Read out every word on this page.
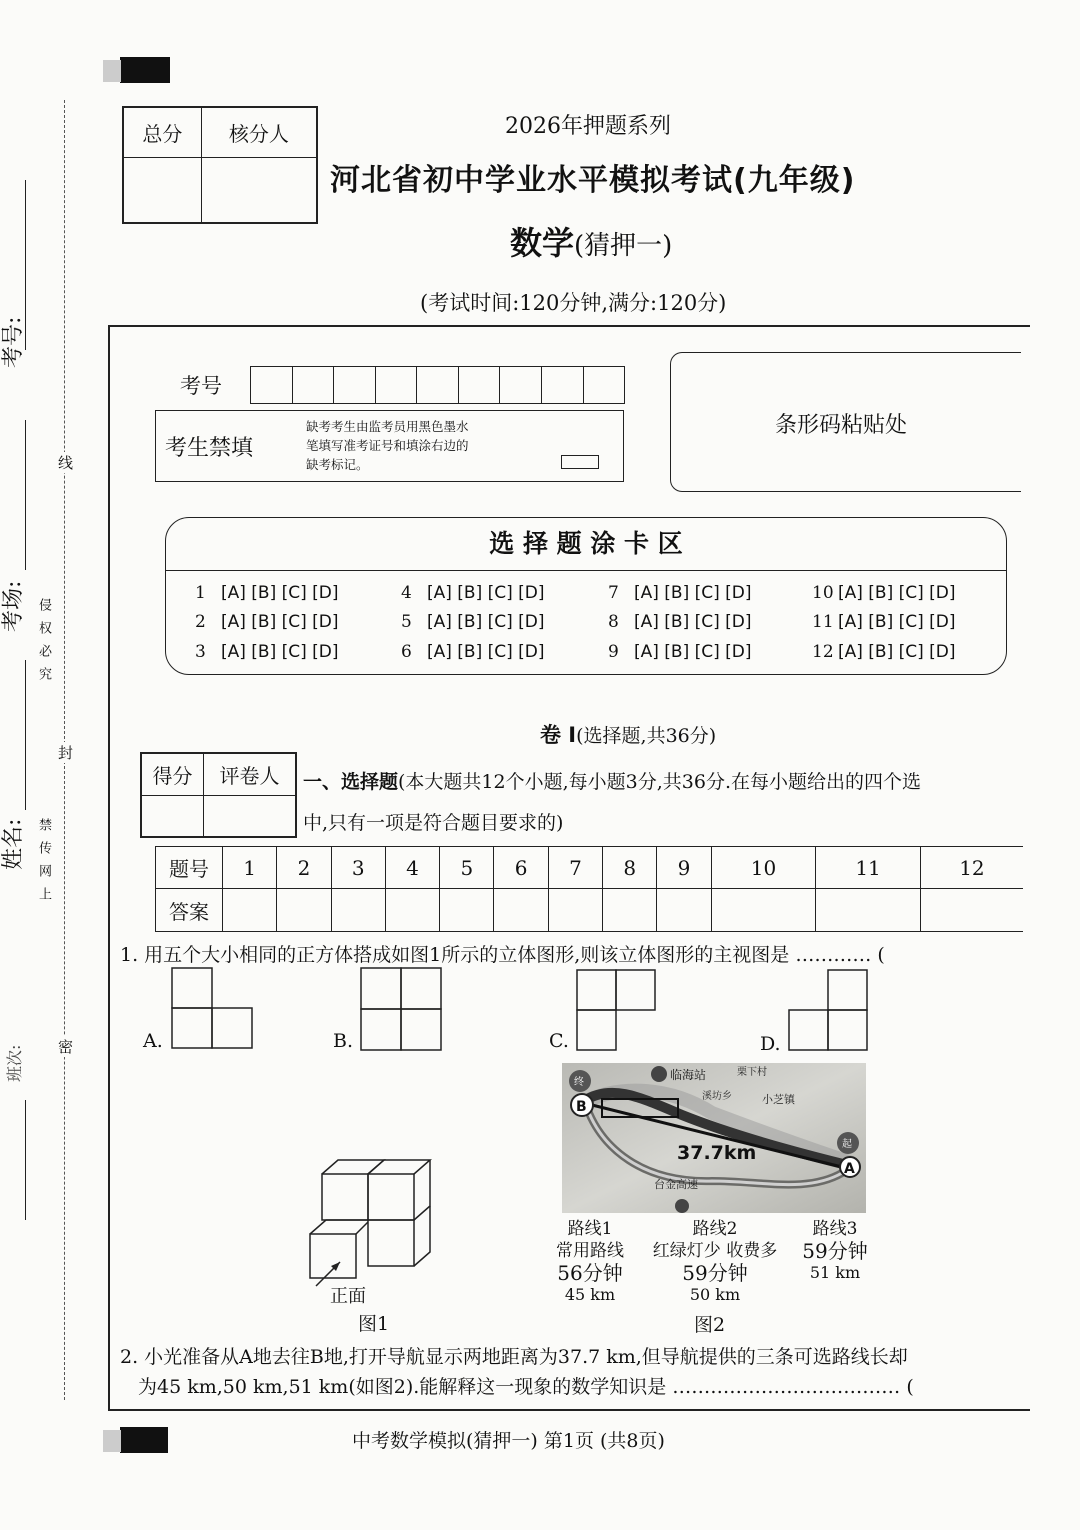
考号:
考场:
姓名:
班次:
线
封
密
侵权必究
禁传网上
总分	核分人
		2026年押题系列
河北省初中学业水平模拟考试(九年级)
数学(猜押一)
(考试时间:120分钟,满分:120分)
考号
考生禁填
缺考考生由监考员用黑色墨水
笔填写准考证号和填涂右边的
缺考标记。
条形码粘贴处
选 择 题 涂 卡 区
1 [A] [B] [C] [D]	4 [A] [B] [C] [D]	7 [A] [B] [C] [D]	10 [A] [B] [C] [D]
2 [A] [B] [C] [D]	5 [A] [B] [C] [D]	8 [A] [B] [C] [D]	11 [A] [B] [C] [D]
3 [A] [B] [C] [D]	6 [A] [B] [C] [D]	9 [A] [B] [C] [D]	12 [A] [B] [C] [D]
卷 I(选择题,共36分)
得分	评卷人
	一、选择题(本大题共12个小题,每小题3分,共36分.在每小题给出的四个选
中,只有一项是符合题目要求的)
题号	1	2	3	4	5	6	7	8	9	10	11	12
答案												
1. 用五个大小相同的正方体搭成如图1所示的立体图形,则该立体图形的主视图是 ………… (
A.	B.	C.	D.
正面
图1
临海站	栗下村
溪坊乡	小芝镇
台金高速
37.7km
B
A
终
起
路线1
常用路线
56分钟
45 km
路线2
红绿灯少 收费多
59分钟
50 km
路线3
59分钟
51 km
图2
2. 小光准备从A地去往B地,打开导航显示两地距离为37.7 km,但导航提供的三条可选路线长却
为45 km,50 km,51 km(如图2).能解释这一现象的数学知识是 ……………………………… (
中考数学模拟(猜押一) 第1页 (共8页)
